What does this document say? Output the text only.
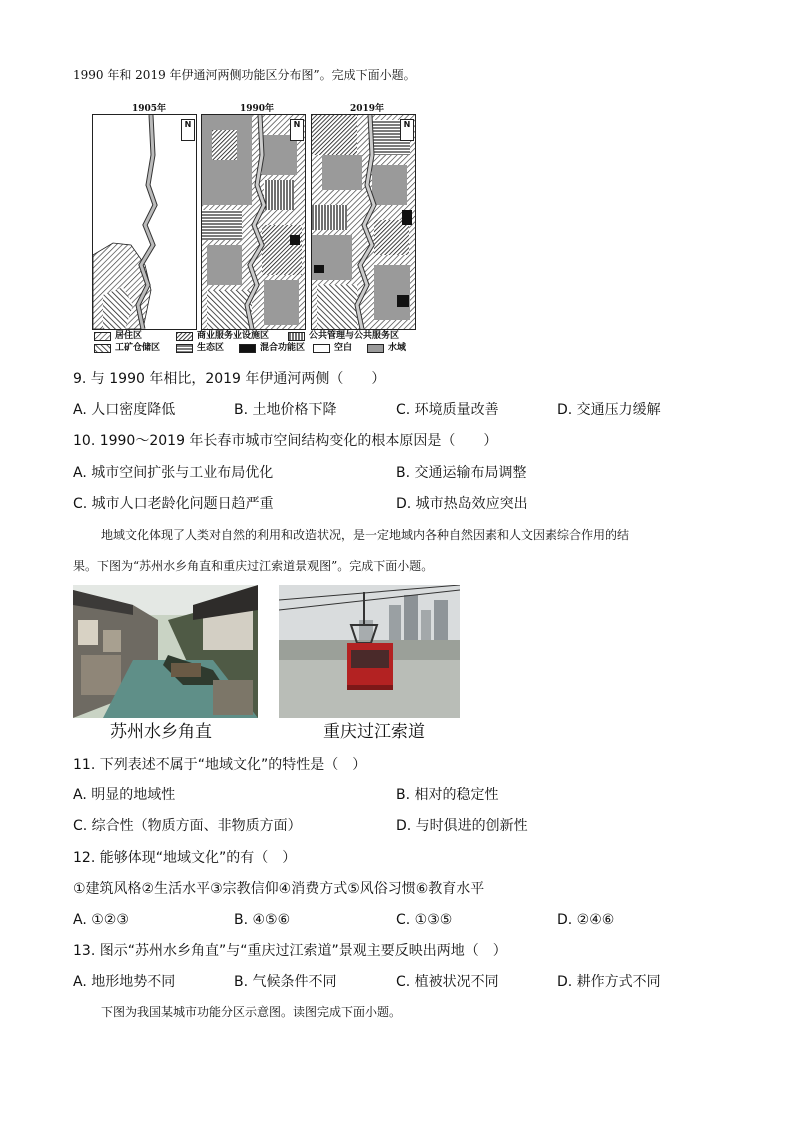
1990 年和 2019 年伊通河两侧功能区分布图”。完成下面小题。
1905年
N
1990年
N
2019年
N
居住区	商业服务业设施区	公共管理与公共服务区
工矿仓储区	生态区	混合功能区	空白	水域
9. 与 1990 年相比，2019 年伊通河两侧（　　）
A. 人口密度降低	B. 土地价格下降	C. 环境质量改善	D. 交通压力缓解
10. 1990～2019 年长春市城市空间结构变化的根本原因是（　　）
A. 城市空间扩张与工业布局优化	B. 交通运输布局调整
C. 城市人口老龄化问题日趋严重	D. 城市热岛效应突出
地域文化体现了人类对自然的利用和改造状况，是一定地域内各种自然因素和人文因素综合作用的结
果。下图为“苏州水乡角直和重庆过江索道景观图”。完成下面小题。
苏州水乡角直	重庆过江索道
11. 下列表述不属于“地域文化”的特性是（　）
A. 明显的地域性	B. 相对的稳定性
C. 综合性（物质方面、非物质方面）	D. 与时俱进的创新性
12. 能够体现“地域文化”的有（　）
①建筑风格②生活水平③宗教信仰④消费方式⑤风俗习惯⑥教育水平
A. ①②③	B. ④⑤⑥	C. ①③⑤	D. ②④⑥
13. 图示“苏州水乡角直”与“重庆过江索道”景观主要反映出两地（　）
A. 地形地势不同	B. 气候条件不同	C. 植被状况不同	D. 耕作方式不同
下图为我国某城市功能分区示意图。读图完成下面小题。
